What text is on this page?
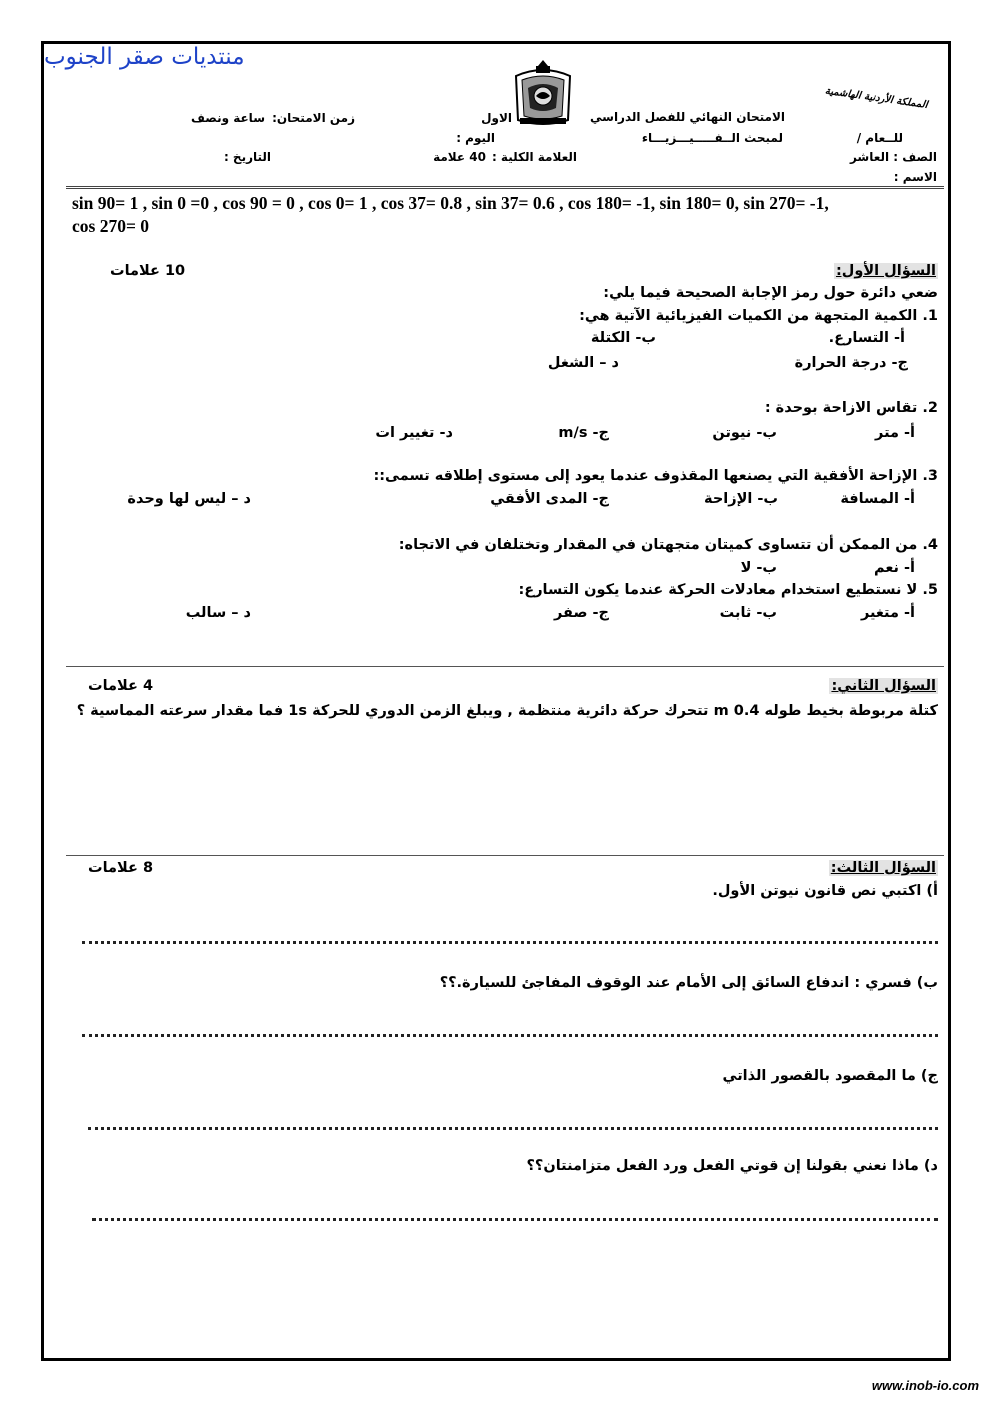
منتديات صقر الجنوب
المملكة الأردنية الهاشمية
الامتحان النهائي للفصل الدراسي
الاول
زمن الامتحان:
ساعة ونصف
للــعام /
لمبحث الــفـــــيـــزيـــاء
اليوم :
الصف : العاشر
العلامة الكلية :
40 علامة
التاريخ :
الاسم :
sin 90= 1 , sin 0 =0 , cos 90 = 0 , cos 0= 1 , cos 37= 0.8 , sin 37= 0.6 , cos 180= -1, sin 180= 0, sin 270= -1,
cos 270= 0
السؤال الأول:
10 علامات
ضعي دائرة حول رمز الإجابة الصحيحة فيما يلي:
1. الكمية المتجهة من الكميات الفيزيائية الآتية هي:
أ- التسارع.
ب- الكتلة
ج- درجة الحرارة
د – الشغل
2. تقاس الازاحة بوحدة :
أ- متر
ب- نيوتن
ج- m/s
د- تغيير ات
3. الإزاحة الأفقية التي يصنعها المقذوف عندما يعود إلى مستوى إطلاقه تسمى::
أ- المسافة
ب- الإزاحة
ج- المدى الأفقي
د – ليس لها وحدة
4. من الممكن أن تتساوى كميتان متجهتان في المقدار وتختلفان في الاتجاه:
أ- نعم
ب- لا
5. لا نستطيع استخدام معادلات الحركة عندما يكون التسارع:
أ- متغير
ب- ثابت
ج- صفر
د – سالب
السؤال الثاني:
4 علامات
كتلة مربوطة بخيط طوله 0.4 m تتحرك حركة دائرية منتظمة , ويبلغ الزمن الدوري للحركة 1s فما مقدار سرعته المماسية ؟
السؤال الثالث:
8 علامات
أ) اكتبي نص قانون نيوتن الأول.
ب) فسري : اندفاع السائق إلى الأمام عند الوقوف المفاجئ للسيارة.؟؟
ج) ما المقصود بالقصور الذاتي
د) ماذا نعني بقولنا إن قوتي الفعل ورد الفعل متزامنتان؟؟
www.inob-io.com
